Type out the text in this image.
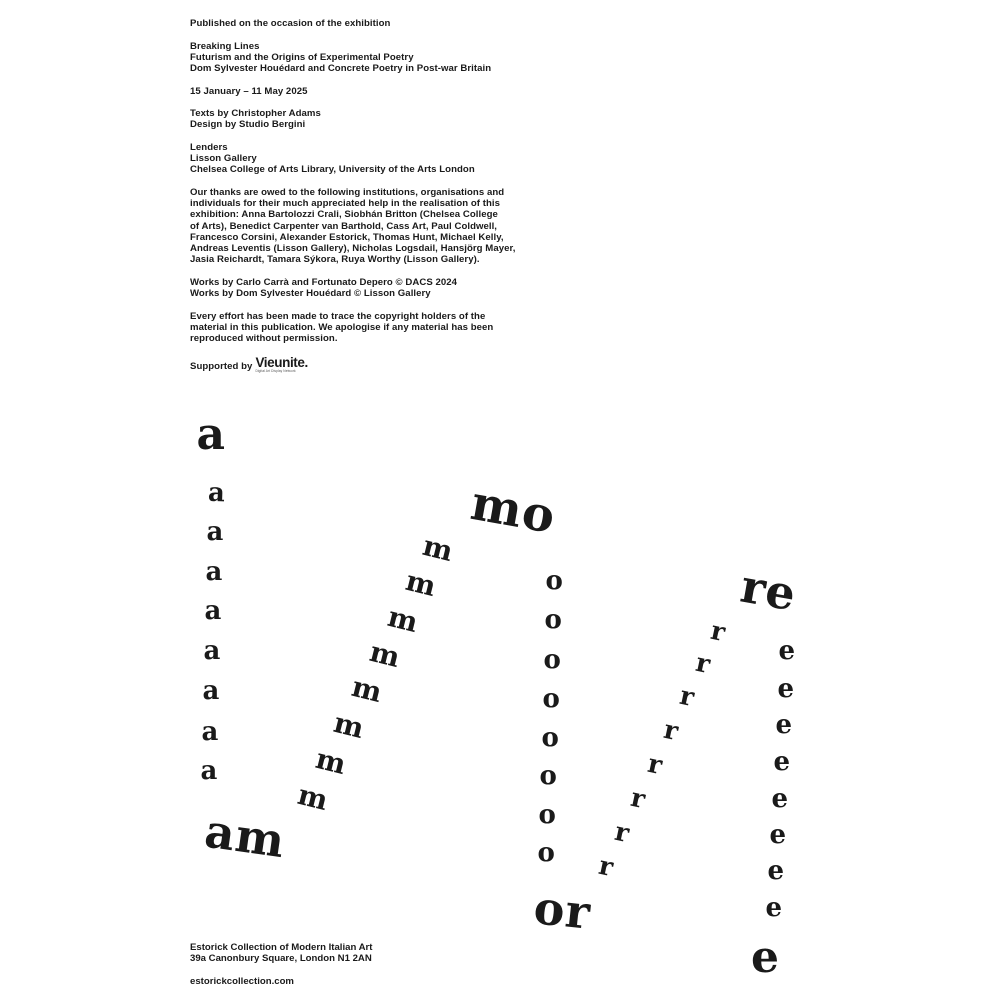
Published on the occasion of the exhibition
Breaking Lines
Futurism and the Origins of Experimental Poetry
Dom Sylvester Houédard and Concrete Poetry in Post-war Britain
15 January – 11 May 2025
Texts by Christopher Adams
Design by Studio Bergini
Lenders
Lisson Gallery
Chelsea College of Arts Library, University of the Arts London
Our thanks are owed to the following institutions, organisations and
individuals for their much appreciated help in the realisation of this
exhibition: Anna Bartolozzi Crali, Siobhán Britton (Chelsea College
of Arts), Benedict Carpenter van Barthold, Cass Art, Paul Coldwell,
Francesco Corsini, Alexander Estorick, Thomas Hunt, Michael Kelly,
Andreas Leventis (Lisson Gallery), Nicholas Logsdail, Hansjörg Mayer,
Jasia Reichardt, Tamara Sýkora, Ruya Worthy (Lisson Gallery).
Works by Carlo Carrà and Fortunato Depero © DACS 2024
Works by Dom Sylvester Houédard © Lisson Gallery
Every effort has been made to trace the copyright holders of the
material in this publication. We apologise if any material has been
reproduced without permission.
Supported by Vieunite.
Digital Art Display Network
a
a
a
a
a
a
a
a
a
am
m
m
m
m
m
m
m
m
mo
o
o
o
o
o
o
o
o
or
r
r
r
r
r
r
r
r
re
e
e
e
e
e
e
e
e
e
Estorick Collection of Modern Italian Art
39a Canonbury Square, London N1 2AN
estorickcollection.com
